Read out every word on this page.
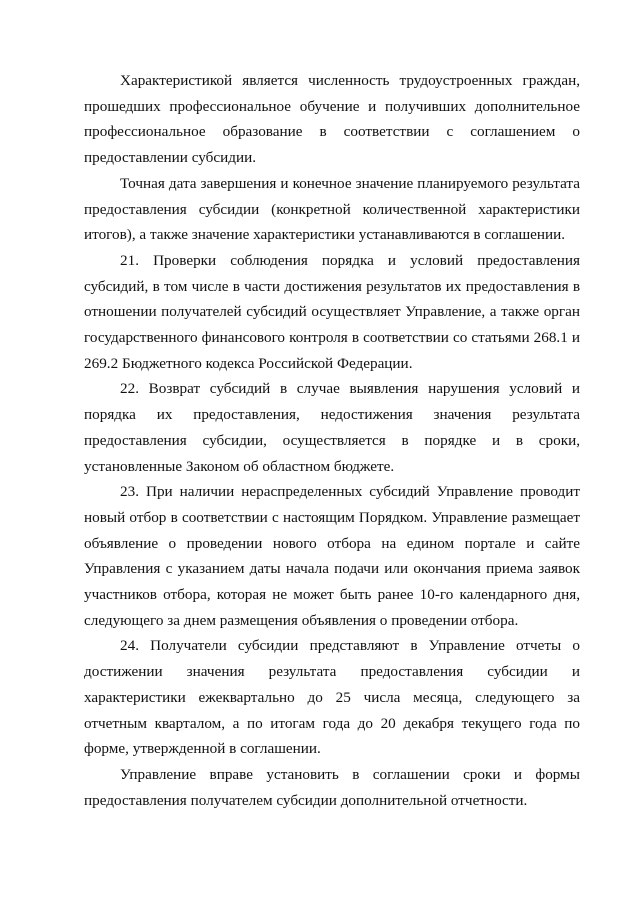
Характеристикой является численность трудоустроенных граждан, прошедших профессиональное обучение и получивших дополнительное профессиональное образование в соответствии с соглашением о предоставлении субсидии.

Точная дата завершения и конечное значение планируемого результата предоставления субсидии (конкретной количественной характеристики итогов), а также значение характеристики устанавливаются в соглашении.

21. Проверки соблюдения порядка и условий предоставления субсидий, в том числе в части достижения результатов их предоставления в отношении получателей субсидий осуществляет Управление, а также орган государственного финансового контроля в соответствии со статьями 268.1 и 269.2 Бюджетного кодекса Российской Федерации.

22. Возврат субсидий в случае выявления нарушения условий и порядка их предоставления, недостижения значения результата предоставления субсидии, осуществляется в порядке и в сроки, установленные Законом об областном бюджете.

23. При наличии нераспределенных субсидий Управление проводит новый отбор в соответствии с настоящим Порядком. Управление размещает объявление о проведении нового отбора на едином портале и сайте Управления с указанием даты начала подачи или окончания приема заявок участников отбора, которая не может быть ранее 10-го календарного дня, следующего за днем размещения объявления о проведении отбора.

24. Получатели субсидии представляют в Управление отчеты о достижении значения результата предоставления субсидии и характеристики ежеквартально до 25 числа месяца, следующего за отчетным кварталом, а по итогам года до 20 декабря текущего года по форме, утвержденной в соглашении.

Управление вправе установить в соглашении сроки и формы предоставления получателем субсидии дополнительной отчетности.
